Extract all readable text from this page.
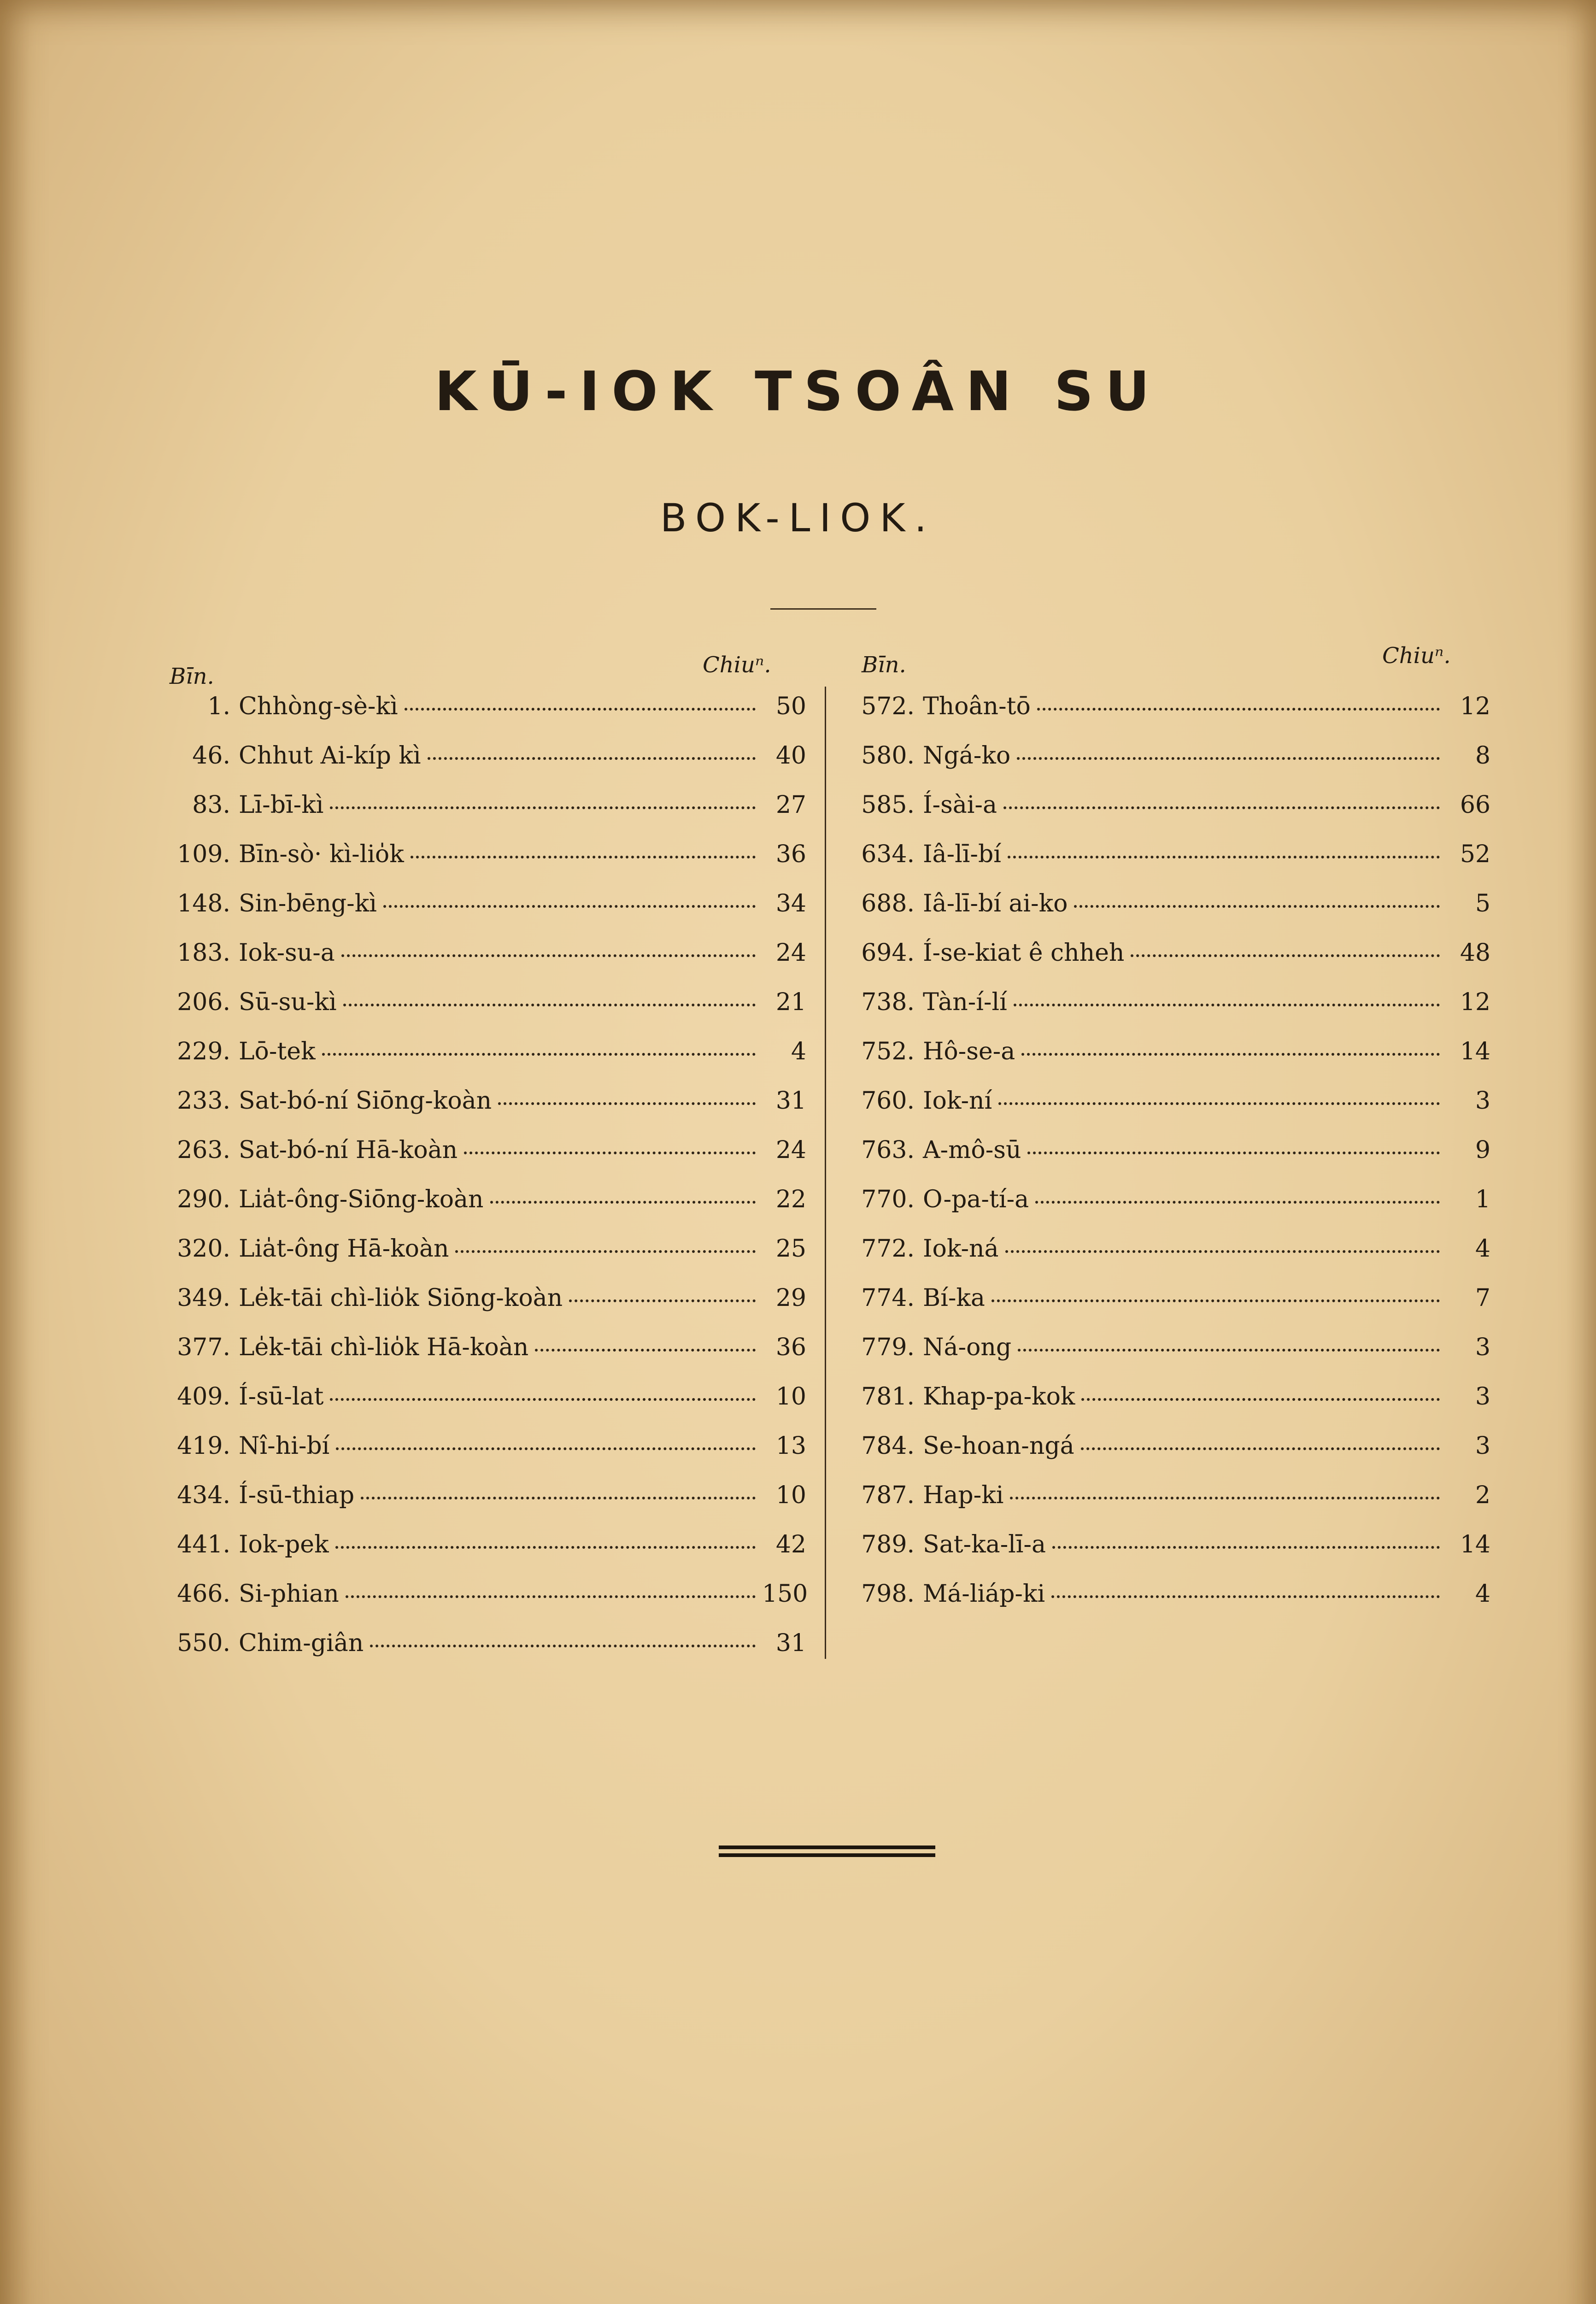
KŪ-IOK TSOÂN SU
BOK-LIOK.
Bīn.	Chiuⁿ.	Bīn.	Chiuⁿ.
1. Chhòng-sè-kì	50
46. Chhut Ai-kíp kì	40
83. Lī-bī-kì	27
109. Bīn-sò· kì-lio̍k	36
148. Sin-bēng-kì	34
183. Iok-su-a	24
206. Sū-su-kì	21
229. Lō-tek	4
233. Sat-bó-ní Siōng-koàn	31
263. Sat-bó-ní Hā-koàn	24
290. Lia̍t-ông-Siōng-koàn	22
320. Lia̍t-ông Hā-koàn	25
349. Le̍k-tāi chì-lio̍k Siōng-koàn	29
377. Le̍k-tāi chì-lio̍k Hā-koàn	36
409. Í-sū-lat	10
419. Nî-hi-bí	13
434. Í-sū-thiap	10
441. Iok-pek	42
466. Si-phian	150
550. Chim-giân	31
572. Thoân-tō	12
580. Ngá-ko	8
585. Í-sài-a	66
634. Iâ-lī-bí	52
688. Iâ-lī-bí ai-ko	5
694. Í-se-kiat ê chheh	48
738. Tàn-í-lí	12
752. Hô-se-a	14
760. Iok-ní	3
763. A-mô-sū	9
770. O-pa-tí-a	1
772. Iok-ná	4
774. Bí-ka	7
779. Ná-ong	3
781. Khap-pa-kok	3
784. Se-hoan-ngá	3
787. Hap-ki	2
789. Sat-ka-lī-a	14
798. Má-liáp-ki	4
